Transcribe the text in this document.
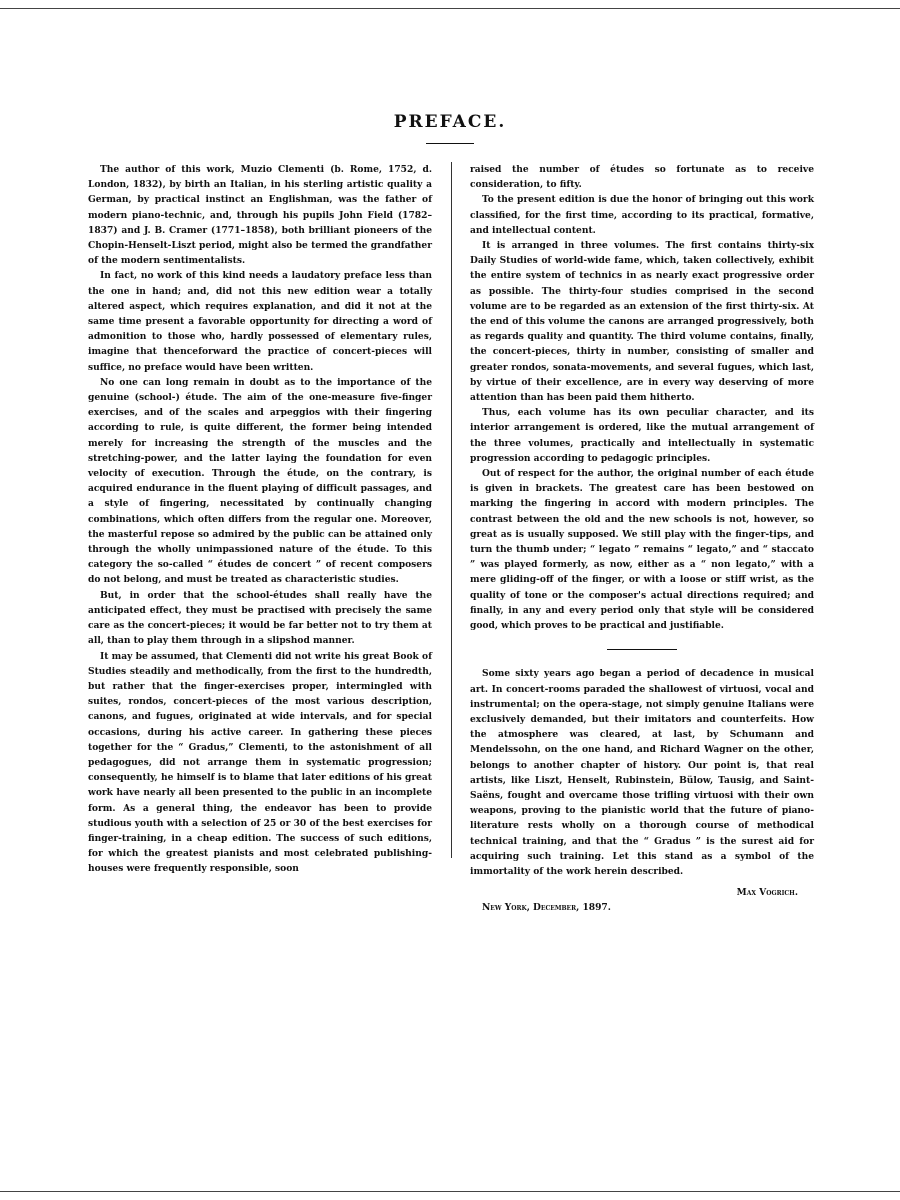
PREFACE.

The author of this work, Muzio Clementi (b. Rome, 1752, d. London, 1832), by birth an Italian, in his sterling artistic quality a German, by practical instinct an Englishman, was the father of modern piano-technic, and, through his pupils John Field (1782–1837) and J. B. Cramer (1771–1858), both brilliant pioneers of the Chopin-Henselt-Liszt period, might also be termed the grandfather of the modern sentimentalists.

In fact, no work of this kind needs a laudatory preface less than the one in hand; and, did not this new edition wear a totally altered aspect, which requires explanation, and did it not at the same time present a favorable opportunity for directing a word of admonition to those who, hardly possessed of elementary rules, imagine that thenceforward the practice of concert-pieces will suffice, no preface would have been written.

No one can long remain in doubt as to the importance of the genuine (school-) étude. The aim of the one-measure five-finger exercises, and of the scales and arpeggios with their fingering according to rule, is quite different, the former being intended merely for increasing the strength of the muscles and the stretching-power, and the latter laying the foundation for even velocity of execution. Through the étude, on the contrary, is acquired endurance in the fluent playing of difficult passages, and a style of fingering, necessitated by continually changing combinations, which often differs from the regular one. Moreover, the masterful repose so admired by the public can be attained only through the wholly unimpassioned nature of the étude. To this category the so-called “ études de concert ” of recent composers do not belong, and must be treated as characteristic studies.

But, in order that the school-études shall really have the anticipated effect, they must be practised with precisely the same care as the concert-pieces; it would be far better not to try them at all, than to play them through in a slipshod manner.

It may be assumed, that Clementi did not write his great Book of Studies steadily and methodically, from the first to the hundredth, but rather that the finger-exercises proper, intermingled with suites, rondos, concert-pieces of the most various description, canons, and fugues, originated at wide intervals, and for special occasions, during his active career. In gathering these pieces together for the “ Gradus,” Clementi, to the astonishment of all pedagogues, did not arrange them in systematic progression; consequently, he himself is to blame that later editions of his great work have nearly all been presented to the public in an incomplete form. As a general thing, the endeavor has been to provide studious youth with a selection of 25 or 30 of the best exercises for finger-training, in a cheap edition. The success of such editions, for which the greatest pianists and most celebrated publishing-houses were frequently responsible, soon

raised the number of études so fortunate as to receive consideration, to fifty.

To the present edition is due the honor of bringing out this work classified, for the first time, according to its practical, formative, and intellectual content.

It is arranged in three volumes. The first contains thirty-six Daily Studies of world-wide fame, which, taken collectively, exhibit the entire system of technics in as nearly exact progressive order as possible. The thirty-four studies comprised in the second volume are to be regarded as an extension of the first thirty-six. At the end of this volume the canons are arranged progressively, both as regards quality and quantity. The third volume contains, finally, the concert-pieces, thirty in number, consisting of smaller and greater rondos, sonata-movements, and several fugues, which last, by virtue of their excellence, are in every way deserving of more attention than has been paid them hitherto.

Thus, each volume has its own peculiar character, and its interior arrangement is ordered, like the mutual arrangement of the three volumes, practically and intellectually in systematic progression according to pedagogic principles.

Out of respect for the author, the original number of each étude is given in brackets. The greatest care has been bestowed on marking the fingering in accord with modern principles. The contrast between the old and the new schools is not, however, so great as is usually supposed. We still play with the finger-tips, and turn the thumb under; “ legato ” remains “ legato,” and “ staccato ” was played formerly, as now, either as a “ non legato,” with a mere gliding-off of the finger, or with a loose or stiff wrist, as the quality of tone or the composer's actual directions required; and finally, in any and every period only that style will be considered good, which proves to be practical and justifiable.

Some sixty years ago began a period of decadence in musical art. In concert-rooms paraded the shallowest of virtuosi, vocal and instrumental; on the opera-stage, not simply genuine Italians were exclusively demanded, but their imitators and counterfeits. How the atmosphere was cleared, at last, by Schumann and Mendelssohn, on the one hand, and Richard Wagner on the other, belongs to another chapter of history. Our point is, that real artists, like Liszt, Henselt, Rubinstein, Bülow, Tausig, and Saint-Saëns, fought and overcame those trifling virtuosi with their own weapons, proving to the pianistic world that the future of piano-literature rests wholly on a thorough course of methodical technical training, and that the “ Gradus ” is the surest aid for acquiring such training. Let this stand as a symbol of the immortality of the work herein described.

Max Vogrich.
New York, December, 1897.
